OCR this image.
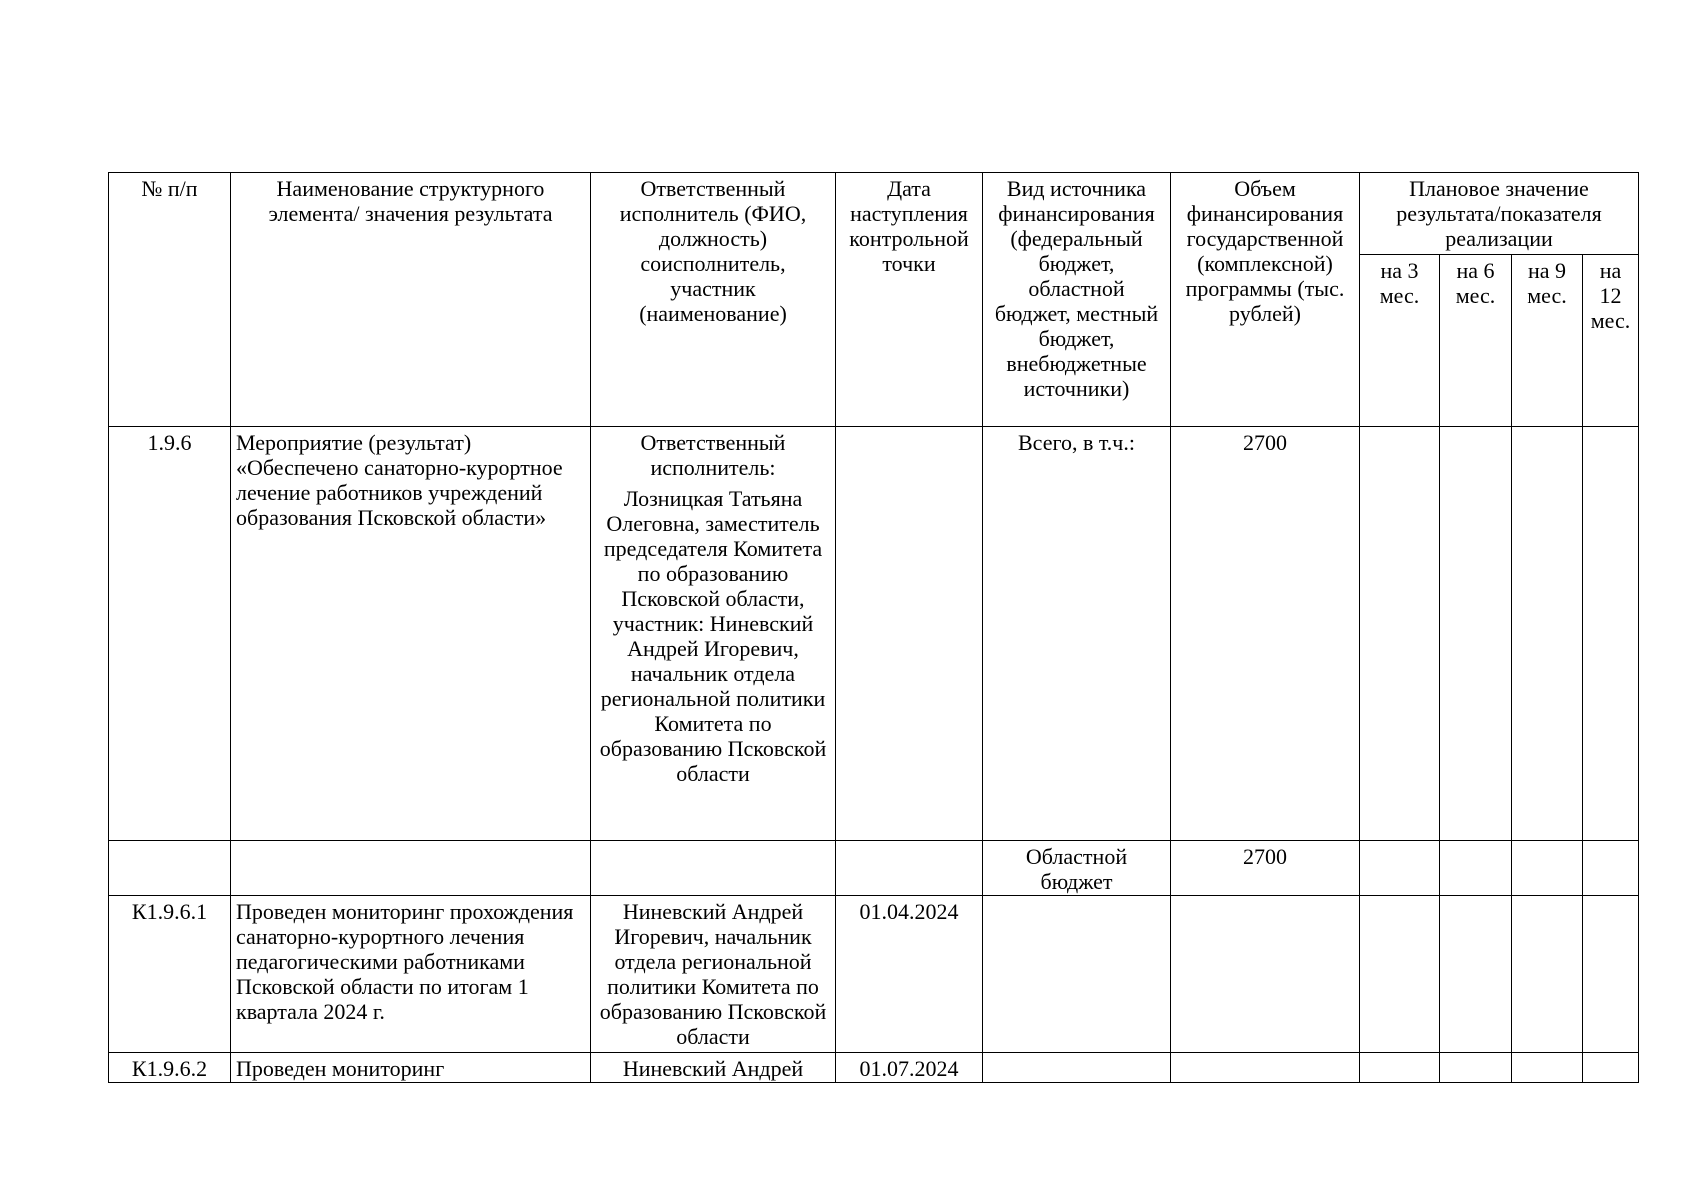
№ п/п	Наименование структурного элемента/ значения результата	Ответственный исполнитель (ФИО, должность) соисполнитель, участник (наименование)	Дата наступления контрольной точки	Вид источника финансирования (федеральный бюджет, областной бюджет, местный бюджет, внебюджетные источники)	Объем финансирования государственной (комплексной) программы (тыс. рублей)	Плановое значение результата/показателя реализации			
						на 3 мес.	на 6 мес.	на 9 мес.	на 12 мес.
1.9.6	Мероприятие (результат) «Обеспечено санаторно-курортное лечение работников учреждений образования Псковской области»	Ответственный исполнитель:
Лозницкая Татьяна Олеговна, заместитель председателя Комитета по образованию Псковской области, участник: Нинeвский Андрей Игоревич, начальник отдела региональной политики Комитета по образованию Псковской области		Всего, в т.ч.:	2700				
				Областной бюджет	2700				
К1.9.6.1	Проведен мониторинг прохождения санаторно-курортного лечения педагогическими работниками Псковской области по итогам 1 квартала 2024 г.	Нинeвский Андрей Игоревич, начальник отдела региональной политики Комитета по образованию Псковской области	01.04.2024						
К1.9.6.2	Проведен мониторинг	Нинeвский Андрей	01.07.2024						
